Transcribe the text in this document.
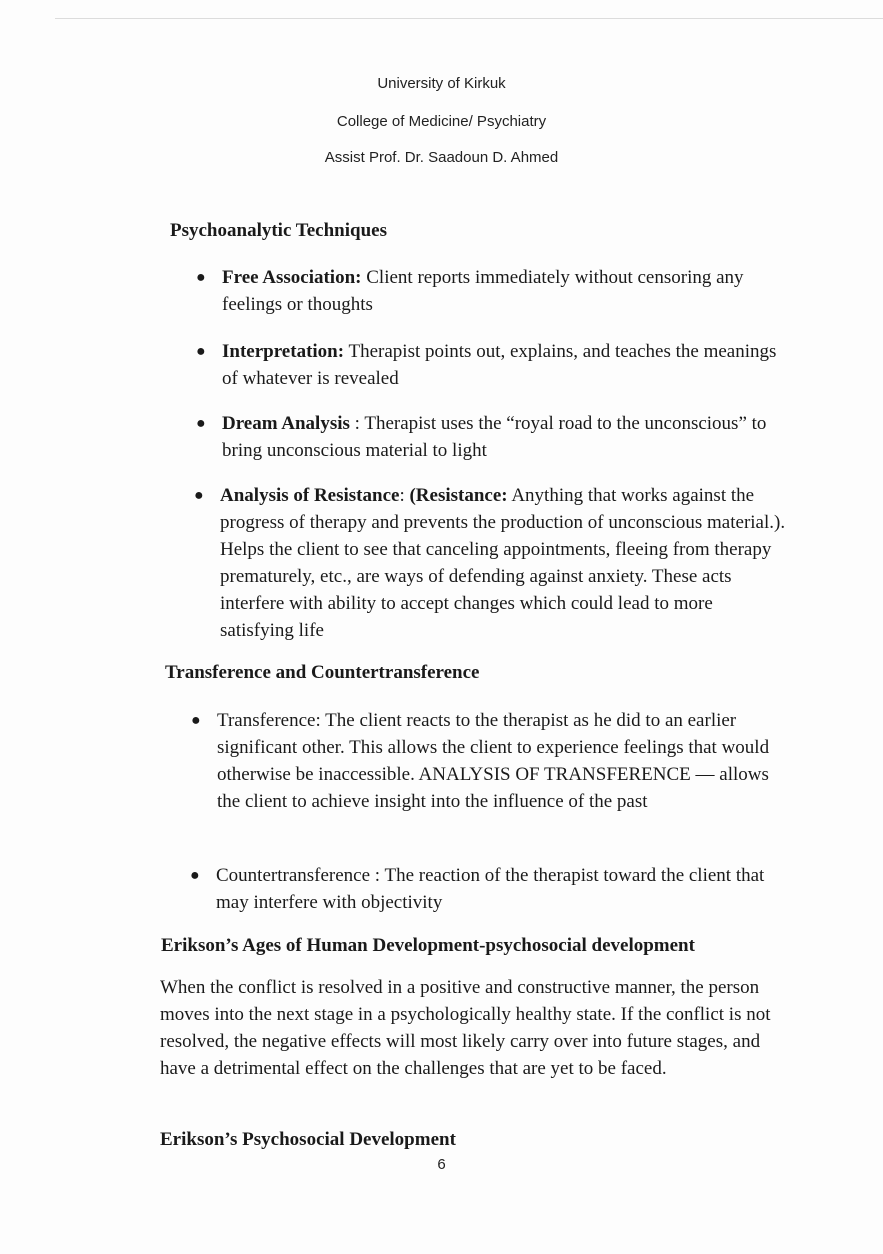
University of Kirkuk
College of Medicine/ Psychiatry
Assist Prof. Dr. Saadoun D. Ahmed
Psychoanalytic Techniques
● Free Association: Client reports immediately without censoring any feelings or thoughts
● Interpretation: Therapist points out, explains, and teaches the meanings of whatever is revealed
● Dream Analysis : Therapist uses the “royal road to the unconscious” to bring unconscious material to light
● Analysis of Resistance: (Resistance: Anything that works against the progress of therapy and prevents the production of unconscious material.). Helps the client to see that canceling appointments, fleeing from therapy prematurely, etc., are ways of defending against anxiety. These acts interfere with ability to accept changes which could lead to more satisfying life
Transference and Countertransference
● Transference: The client reacts to the therapist as he did to an earlier significant other. This allows the client to experience feelings that would otherwise be inaccessible. ANALYSIS OF TRANSFERENCE — allows the client to achieve insight into the influence of the past
● Countertransference : The reaction of the therapist toward the client that may interfere with objectivity
Erikson’s Ages of Human Development-psychosocial development
When the conflict is resolved in a positive and constructive manner, the person moves into the next stage in a psychologically healthy state. If the conflict is not resolved, the negative effects will most likely carry over into future stages, and have a detrimental effect on the challenges that are yet to be faced.
Erikson’s Psychosocial Development
6
